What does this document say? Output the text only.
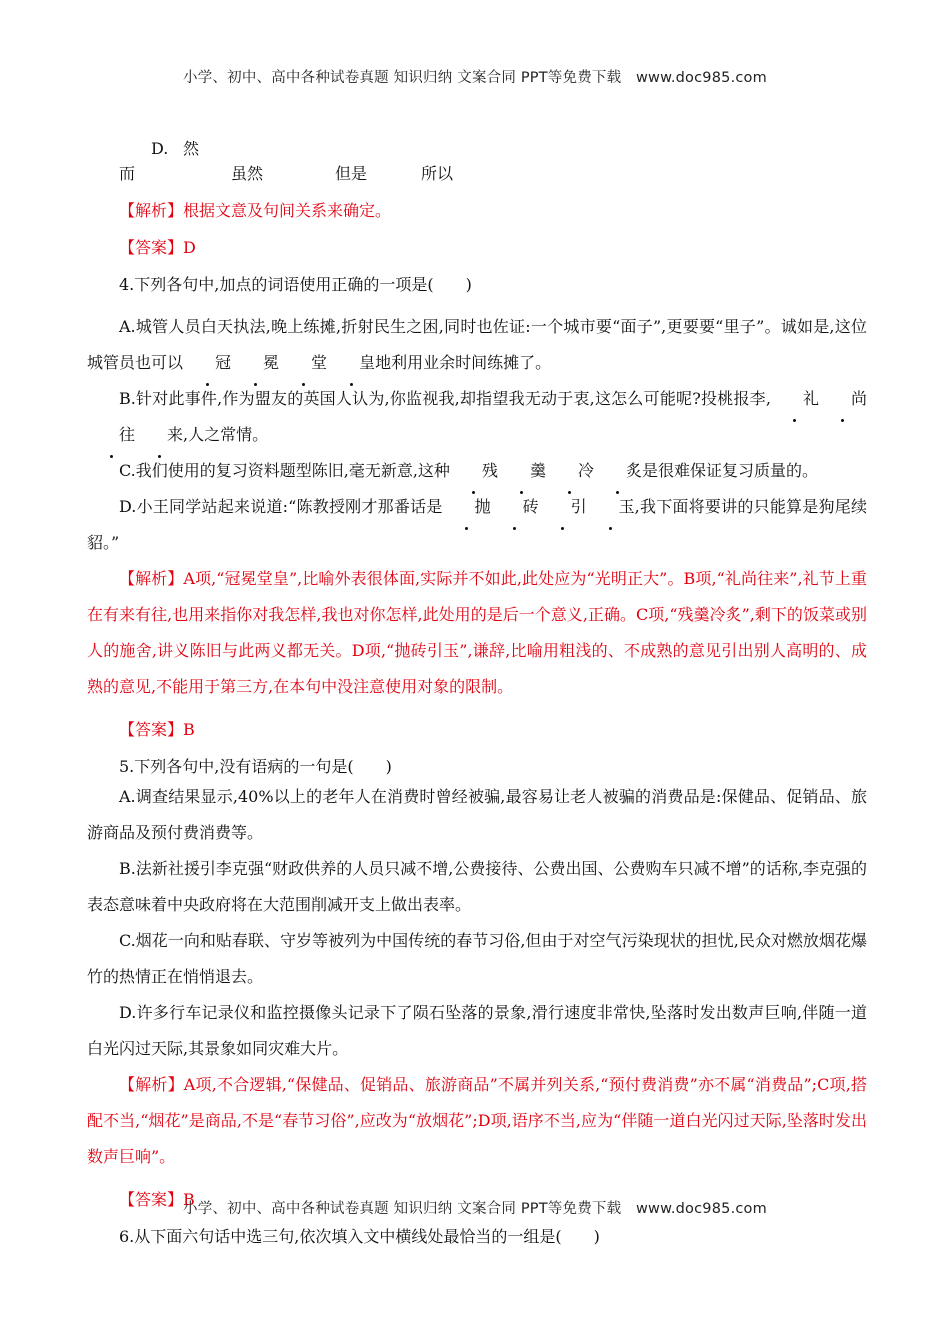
小学、初中、高中各种试卷真题 知识归纳 文案合同 PPT等免费下载　www.doc985.com

D.然而	虽然	但是	所以

【解析】根据文意及句间关系来确定。

【答案】D

4.下列各句中,加点的词语使用正确的一项是(　　)

A.城管人员白天执法,晚上练摊,折射民生之困,同时也佐证:一个城市要“面子”,更要要“里子”。诚如是,这位城管员也可以 冠 冕 堂 皇地利用业余时间练摊了。

B.针对此事件,作为盟友的英国人认为,你监视我,却指望我无动于衷,这怎么可能呢?投桃报李, 礼 尚往 来,人之常情。

C.我们使用的复习资料题型陈旧,毫无新意,这种 残 羹 冷 炙是很难保证复习质量的。

D.小王同学站起来说道:“陈教授刚才那番话是 抛 砖 引 玉,我下面将要讲的只能算是狗尾续貂。”

【解析】A项,“冠冕堂皇”,比喻外表很体面,实际并不如此,此处应为“光明正大”。B项,“礼尚往来”,礼节上重在有来有往,也用来指你对我怎样,我也对你怎样,此处用的是后一个意义,正确。C项,“残羹冷炙”,剩下的饭菜或别人的施舍,讲义陈旧与此两义都无关。D项,“抛砖引玉”,谦辞,比喻用粗浅的、不成熟的意见引出别人高明的、成熟的意见,不能用于第三方,在本句中没注意使用对象的限制。

【答案】B

5.下列各句中,没有语病的一句是(　　)

A.调查结果显示,40%以上的老年人在消费时曾经被骗,最容易让老人被骗的消费品是:保健品、促销品、旅游商品及预付费消费等。

B.法新社援引李克强“财政供养的人员只减不增,公费接待、公费出国、公费购车只减不增”的话称,李克强的表态意味着中央政府将在大范围削减开支上做出表率。

C.烟花一向和贴春联、守岁等被列为中国传统的春节习俗,但由于对空气污染现状的担忧,民众对燃放烟花爆竹的热情正在悄悄退去。

D.许多行车记录仪和监控摄像头记录下了陨石坠落的景象,滑行速度非常快,坠落时发出数声巨响,伴随一道白光闪过天际,其景象如同灾难大片。

【解析】A项,不合逻辑,“保健品、促销品、旅游商品”不属并列关系,“预付费消费”亦不属“消费品”;C项,搭配不当,“烟花”是商品,不是“春节习俗”,应改为“放烟花”;D项,语序不当,应为“伴随一道白光闪过天际,坠落时发出数声巨响”。

【答案】B

6.从下面六句话中选三句,依次填入文中横线处最恰当的一组是(　　)

小学、初中、高中各种试卷真题 知识归纳 文案合同 PPT等免费下载　www.doc985.com
